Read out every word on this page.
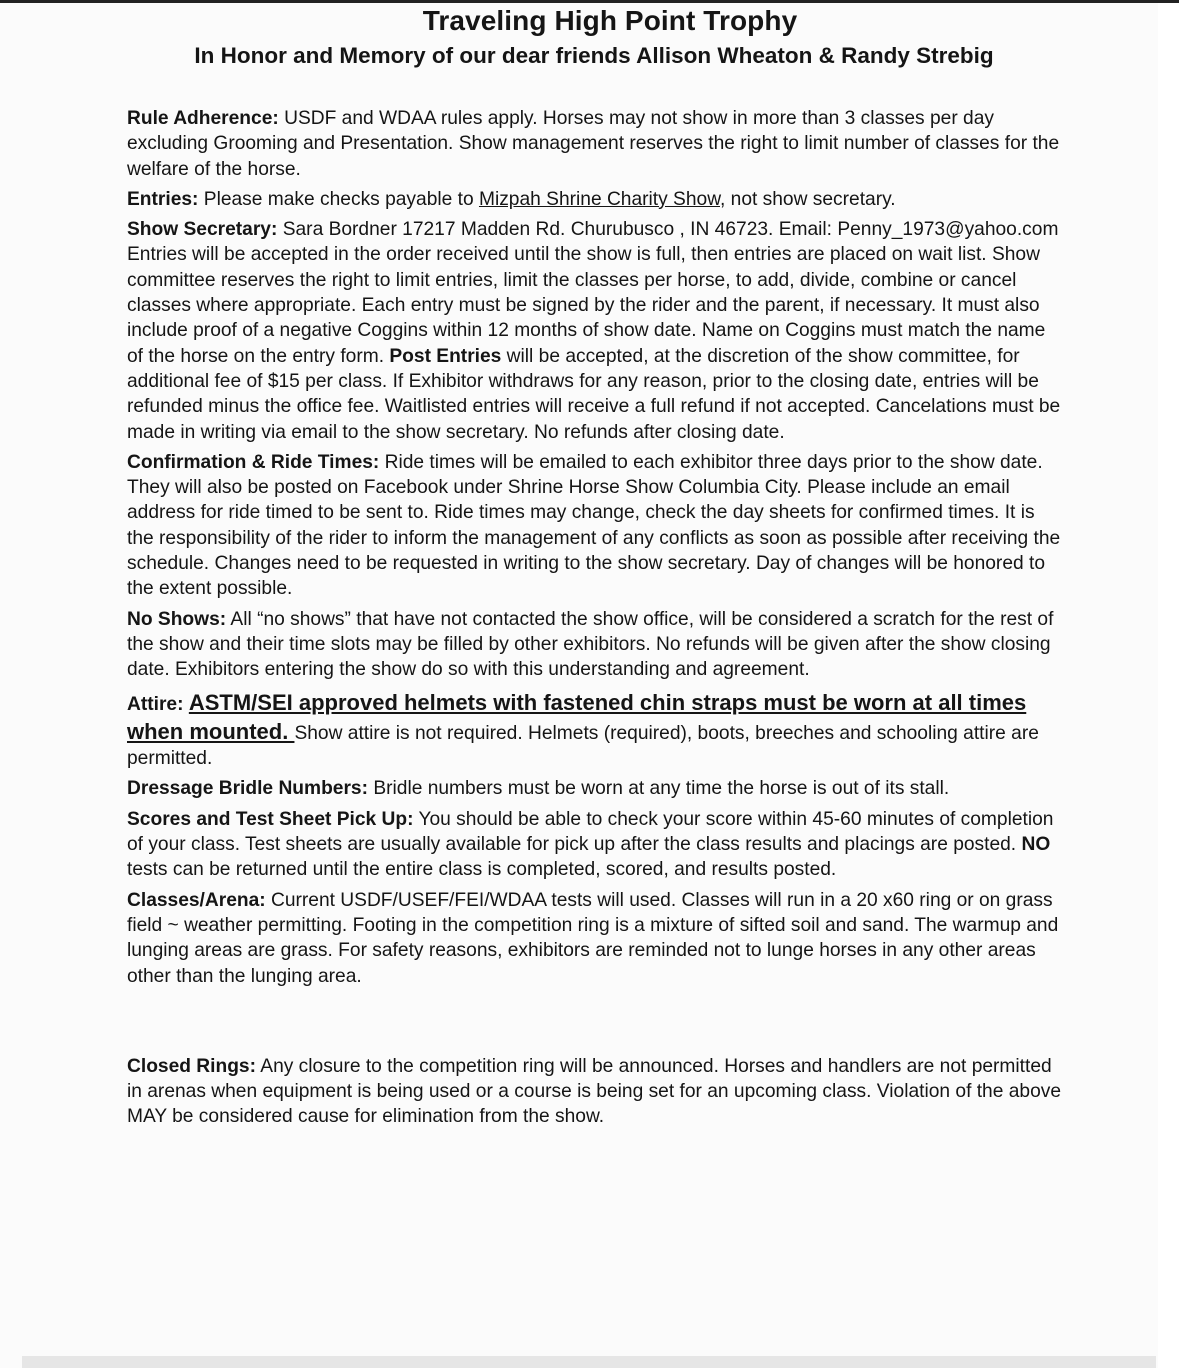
Traveling High Point Trophy
In Honor and Memory of our dear friends Allison Wheaton & Randy Strebig

Rule Adherence: USDF and WDAA rules apply. Horses may not show in more than 3 classes per day excluding Grooming and Presentation. Show management reserves the right to limit number of classes for the welfare of the horse.

Entries: Please make checks payable to Mizpah Shrine Charity Show, not show secretary.

Show Secretary: Sara Bordner 17217 Madden Rd. Churubusco , IN 46723. Email: Penny_1973@yahoo.com Entries will be accepted in the order received until the show is full, then entries are placed on wait list. Show committee reserves the right to limit entries, limit the classes per horse, to add, divide, combine or cancel classes where appropriate. Each entry must be signed by the rider and the parent, if necessary. It must also include proof of a negative Coggins within 12 months of show date. Name on Coggins must match the name of the horse on the entry form. Post Entries will be accepted, at the discretion of the show committee, for additional fee of $15 per class. If Exhibitor withdraws for any reason, prior to the closing date, entries will be refunded minus the office fee. Waitlisted entries will receive a full refund if not accepted. Cancelations must be made in writing via email to the show secretary. No refunds after closing date.

Confirmation & Ride Times: Ride times will be emailed to each exhibitor three days prior to the show date. They will also be posted on Facebook under Shrine Horse Show Columbia City. Please include an email address for ride timed to be sent to. Ride times may change, check the day sheets for confirmed times. It is the responsibility of the rider to inform the management of any conflicts as soon as possible after receiving the schedule. Changes need to be requested in writing to the show secretary. Day of changes will be honored to the extent possible.

No Shows: All “no shows” that have not contacted the show office, will be considered a scratch for the rest of the show and their time slots may be filled by other exhibitors. No refunds will be given after the show closing date. Exhibitors entering the show do so with this understanding and agreement.

Attire: ASTM/SEI approved helmets with fastened chin straps must be worn at all times when mounted. Show attire is not required. Helmets (required), boots, breeches and schooling attire are permitted.

Dressage Bridle Numbers: Bridle numbers must be worn at any time the horse is out of its stall.

Scores and Test Sheet Pick Up: You should be able to check your score within 45-60 minutes of completion of your class. Test sheets are usually available for pick up after the class results and placings are posted. NO tests can be returned until the entire class is completed, scored, and results posted.

Classes/Arena: Current USDF/USEF/FEI/WDAA tests will used. Classes will run in a 20 x60 ring or on grass field ~ weather permitting. Footing in the competition ring is a mixture of sifted soil and sand. The warmup and lunging areas are grass. For safety reasons, exhibitors are reminded not to lunge horses in any other areas other than the lunging area.

Closed Rings: Any closure to the competition ring will be announced. Horses and handlers are not permitted in arenas when equipment is being used or a course is being set for an upcoming class. Violation of the above MAY be considered cause for elimination from the show.
